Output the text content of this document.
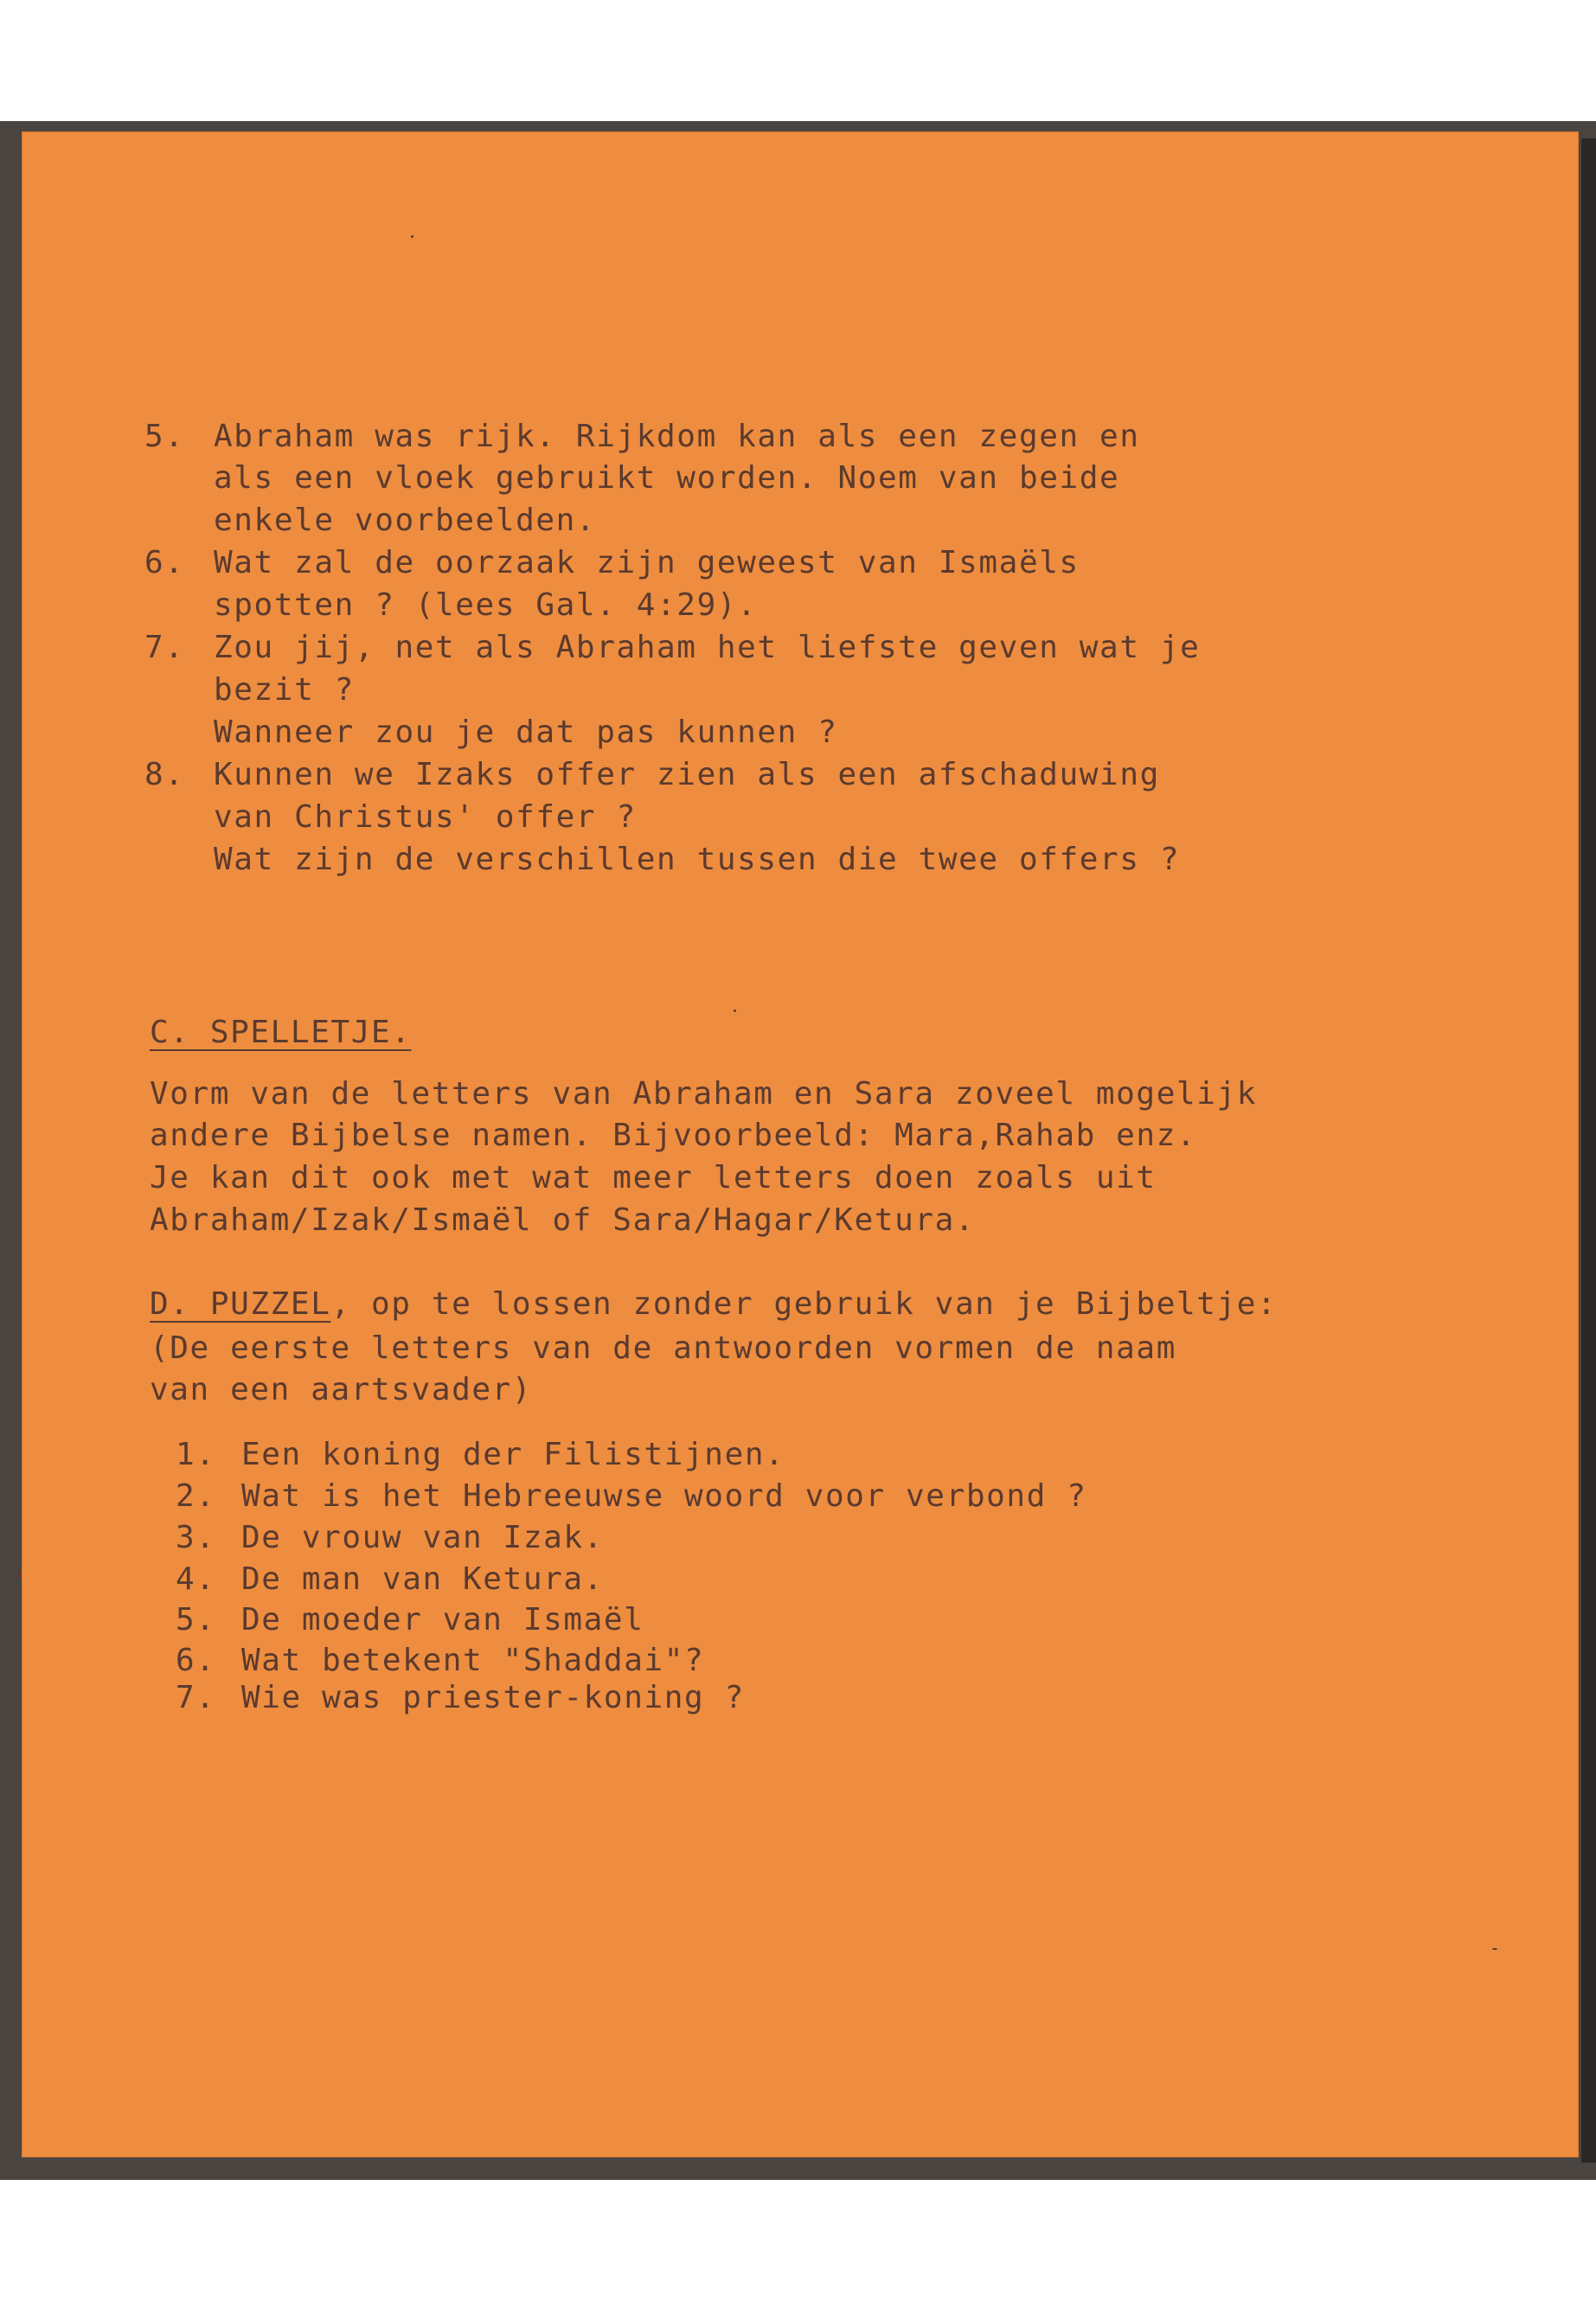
5. Abraham was rijk. Rijkdom kan als een zegen en
als een vloek gebruikt worden. Noem van beide
enkele voorbeelden.
6. Wat zal de oorzaak zijn geweest van Ismaëls
spotten ? (lees Gal. 4:29).
7. Zou jij, net als Abraham het liefste geven wat je
bezit ?
Wanneer zou je dat pas kunnen ?
8. Kunnen we Izaks offer zien als een afschaduwing
van Christus' offer ?
Wat zijn de verschillen tussen die twee offers ?
C. SPELLETJE.
Vorm van de letters van Abraham en Sara zoveel mogelijk
andere Bijbelse namen. Bijvoorbeeld: Mara,Rahab enz.
Je kan dit ook met wat meer letters doen zoals uit
Abraham/Izak/Ismaël of Sara/Hagar/Ketura.
D. PUZZEL, op te lossen zonder gebruik van je Bijbeltje:
(De eerste letters van de antwoorden vormen de naam
van een aartsvader)
1. Een koning der Filistijnen.
2. Wat is het Hebreeuwse woord voor verbond ?
3. De vrouw van Izak.
4. De man van Ketura.
5. De moeder van Ismaël
6. Wat betekent "Shaddai"?
7. Wie was priester-koning ?
